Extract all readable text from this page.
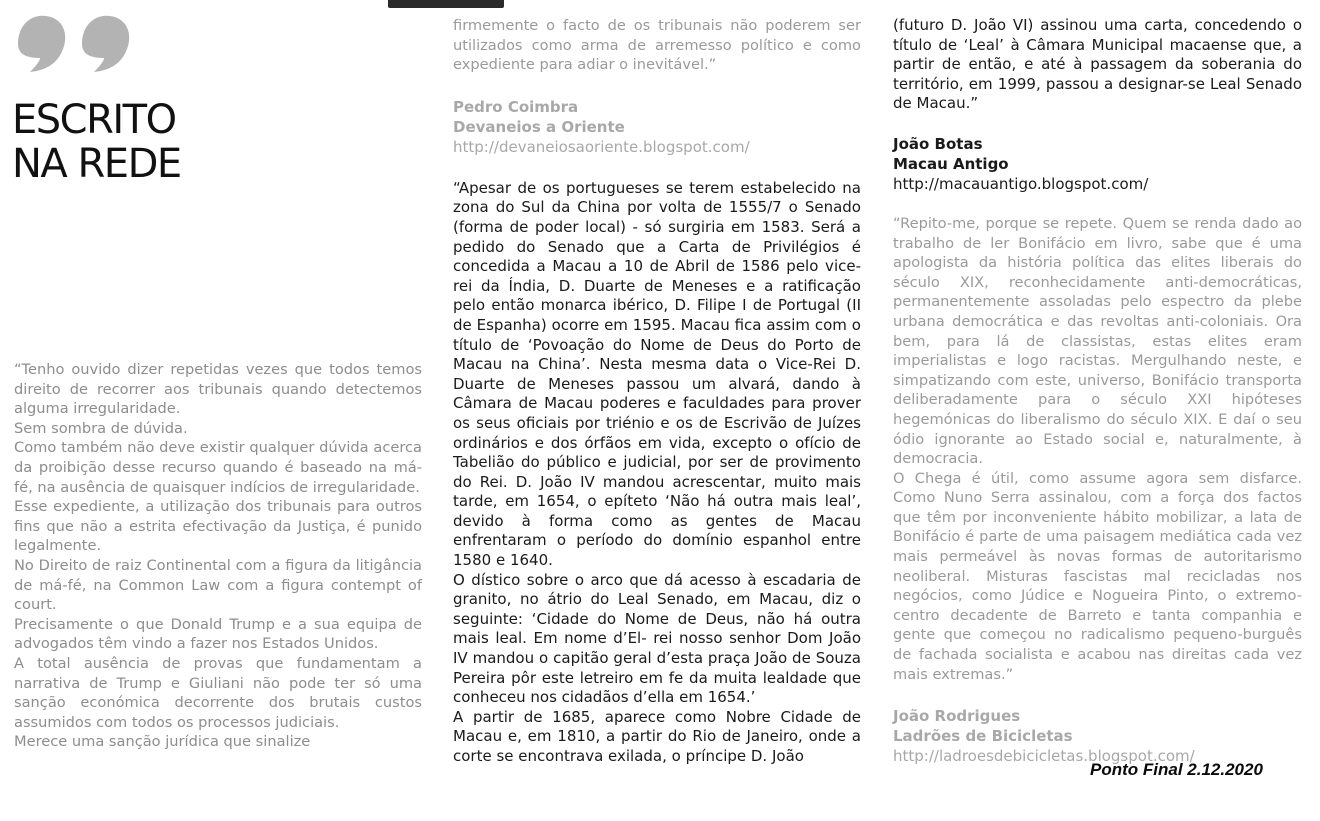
ESCRITO
NA REDE

“Tenho ouvido dizer repetidas vezes que todos temos direito de recorrer aos tribunais quando detectemos alguma irregularidade.

Sem sombra de dúvida.

Como também não deve existir qualquer dúvida acerca da proibição desse recurso quando é baseado na má-fé, na ausência de quaisquer indícios de irregularidade.

Esse expediente, a utilização dos tribunais para outros fins que não a estrita efectivação da Justiça, é punido legalmente.

No Direito de raiz Continental com a figura da litigância de má-fé, na Common Law com a figura contempt of court.

Precisamente o que Donald Trump e a sua equipa de advogados têm vindo a fazer nos Estados Unidos.

A total ausência de provas que fundamentam a narrativa de Trump e Giuliani não pode ter só uma sanção económica decorrente dos brutais custos assumidos com todos os processos judiciais.

Merece uma sanção jurídica que sinalize

firmemente o facto de os tribunais não poderem ser utilizados como arma de arremesso político e como expediente para adiar o inevitável.”

Pedro Coimbra

Devaneios a Oriente

http://devaneiosaoriente.blogspot.com/

“Apesar de os portugueses se terem estabelecido na zona do Sul da China por volta de 1555/7 o Senado (forma de poder local) - só surgiria em 1583. Será a pedido do Senado que a Carta de Privilégios é concedida a Macau a 10 de Abril de 1586 pelo vice-rei da Índia, D. Duarte de Meneses e a ratificação pelo então monarca ibérico, D. Filipe I de Portugal (II de Espanha) ocorre em 1595. Macau fica assim com o título de ‘Povoação do Nome de Deus do Porto de Macau na China’. Nesta mesma data o Vice-Rei D. Duarte de Meneses passou um alvará, dando à Câmara de Macau poderes e faculdades para prover os seus oficiais por triénio e os de Escrivão de Juízes ordinários e dos órfãos em vida, excepto o ofício de Tabelião do público e judicial, por ser de provimento do Rei. D. João IV mandou acrescentar, muito mais tarde, em 1654, o epíteto ‘Não há outra mais leal’, devido à forma como as gentes de Macau enfrentaram o período do domínio espanhol entre 1580 e 1640.

O dístico sobre o arco que dá acesso à escadaria de granito, no átrio do Leal Senado, em Macau, diz o seguinte: ‘Cidade do Nome de Deus, não há outra mais leal. Em nome d’El- rei nosso senhor Dom João IV mandou o capitão geral d’esta praça João de Souza Pereira pôr este letreiro em fe da muita lealdade que conheceu nos cidadãos d’ella em 1654.’

A partir de 1685, aparece como Nobre Cidade de Macau e, em 1810, a partir do Rio de Janeiro, onde a corte se encontrava exilada, o príncipe D. João

(futuro D. João VI) assinou uma carta, concedendo o título de ‘Leal’ à Câmara Municipal macaense que, a partir de então, e até à passagem da soberania do território, em 1999, passou a designar-se Leal Senado de Macau.”

João Botas

Macau Antigo

http://macauantigo.blogspot.com/

“Repito-me, porque se repete. Quem se renda dado ao trabalho de ler Bonifácio em livro, sabe que é uma apologista da história política das elites liberais do século XIX, reconhecidamente anti-democráticas, permanentemente assoladas pelo espectro da plebe urbana democrática e das revoltas anti-coloniais. Ora bem, para lá de classistas, estas elites eram imperialistas e logo racistas. Mergulhando neste, e simpatizando com este, universo, Bonifácio transporta deliberadamente para o século XXI hipóteses hegemónicas do liberalismo do século XIX. E daí o seu ódio ignorante ao Estado social e, naturalmente, à democracia.

O Chega é útil, como assume agora sem disfarce. Como Nuno Serra assinalou, com a força dos factos que têm por inconveniente hábito mobilizar, a lata de Bonifácio é parte de uma paisagem mediática cada vez mais permeável às novas formas de autoritarismo neoliberal. Misturas fascistas mal recicladas nos negócios, como Júdice e Nogueira Pinto, o extremo-centro decadente de Barreto e tanta companhia e gente que começou no radicalismo pequeno-burguês de fachada socialista e acabou nas direitas cada vez mais extremas.”

João Rodrigues

Ladrões de Bicicletas

http://ladroesdebicicletas.blogspot.com/

Ponto Final 2.12.2020
